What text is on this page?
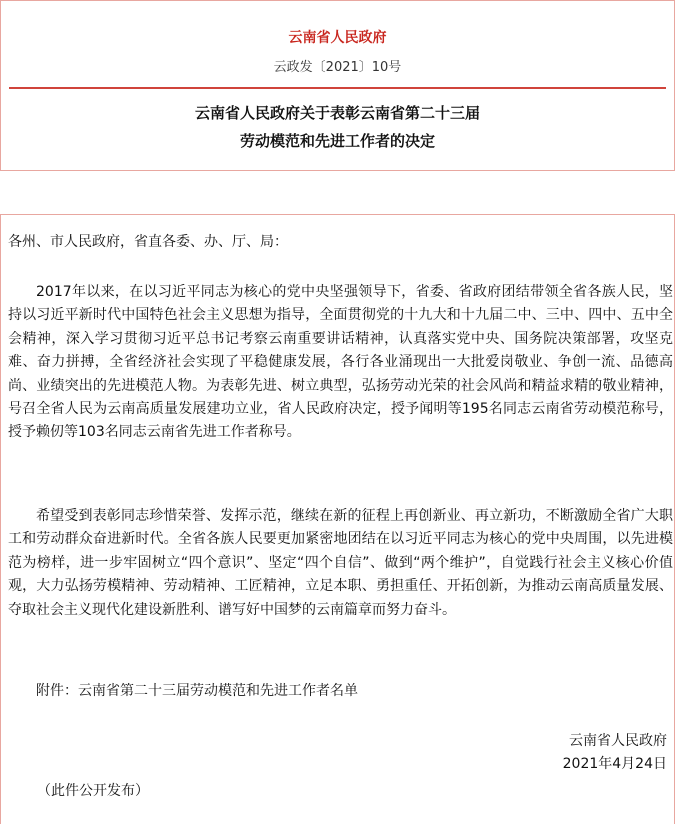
云南省人民政府
云政发〔2021〕10号
云南省人民政府关于表彰云南省第二十三届
劳动模范和先进工作者的决定

各州、市人民政府，省直各委、办、厅、局：

2017年以来，在以习近平同志为核心的党中央坚强领导下，省委、省政府团结带领全省各族人民，坚持以习近平新时代中国特色社会主义思想为指导，全面贯彻党的十九大和十九届二中、三中、四中、五中全会精神，深入学习贯彻习近平总书记考察云南重要讲话精神，认真落实党中央、国务院决策部署，攻坚克难、奋力拼搏，全省经济社会实现了平稳健康发展，各行各业涌现出一大批爱岗敬业、争创一流、品德高尚、业绩突出的先进模范人物。为表彰先进、树立典型，弘扬劳动光荣的社会风尚和精益求精的敬业精神，号召全省人民为云南高质量发展建功立业，省人民政府决定，授予闻明等195名同志云南省劳动模范称号，授予赖仞等103名同志云南省先进工作者称号。

希望受到表彰同志珍惜荣誉、发挥示范，继续在新的征程上再创新业、再立新功，不断激励全省广大职工和劳动群众奋进新时代。全省各族人民要更加紧密地团结在以习近平同志为核心的党中央周围，以先进模范为榜样，进一步牢固树立“四个意识”、坚定“四个自信”、做到“两个维护”，自觉践行社会主义核心价值观，大力弘扬劳模精神、劳动精神、工匠精神，立足本职、勇担重任、开拓创新，为推动云南高质量发展、夺取社会主义现代化建设新胜利、谱写好中国梦的云南篇章而努力奋斗。

附件：云南省第二十三届劳动模范和先进工作者名单

云南省人民政府
2021年4月24日
（此件公开发布）
